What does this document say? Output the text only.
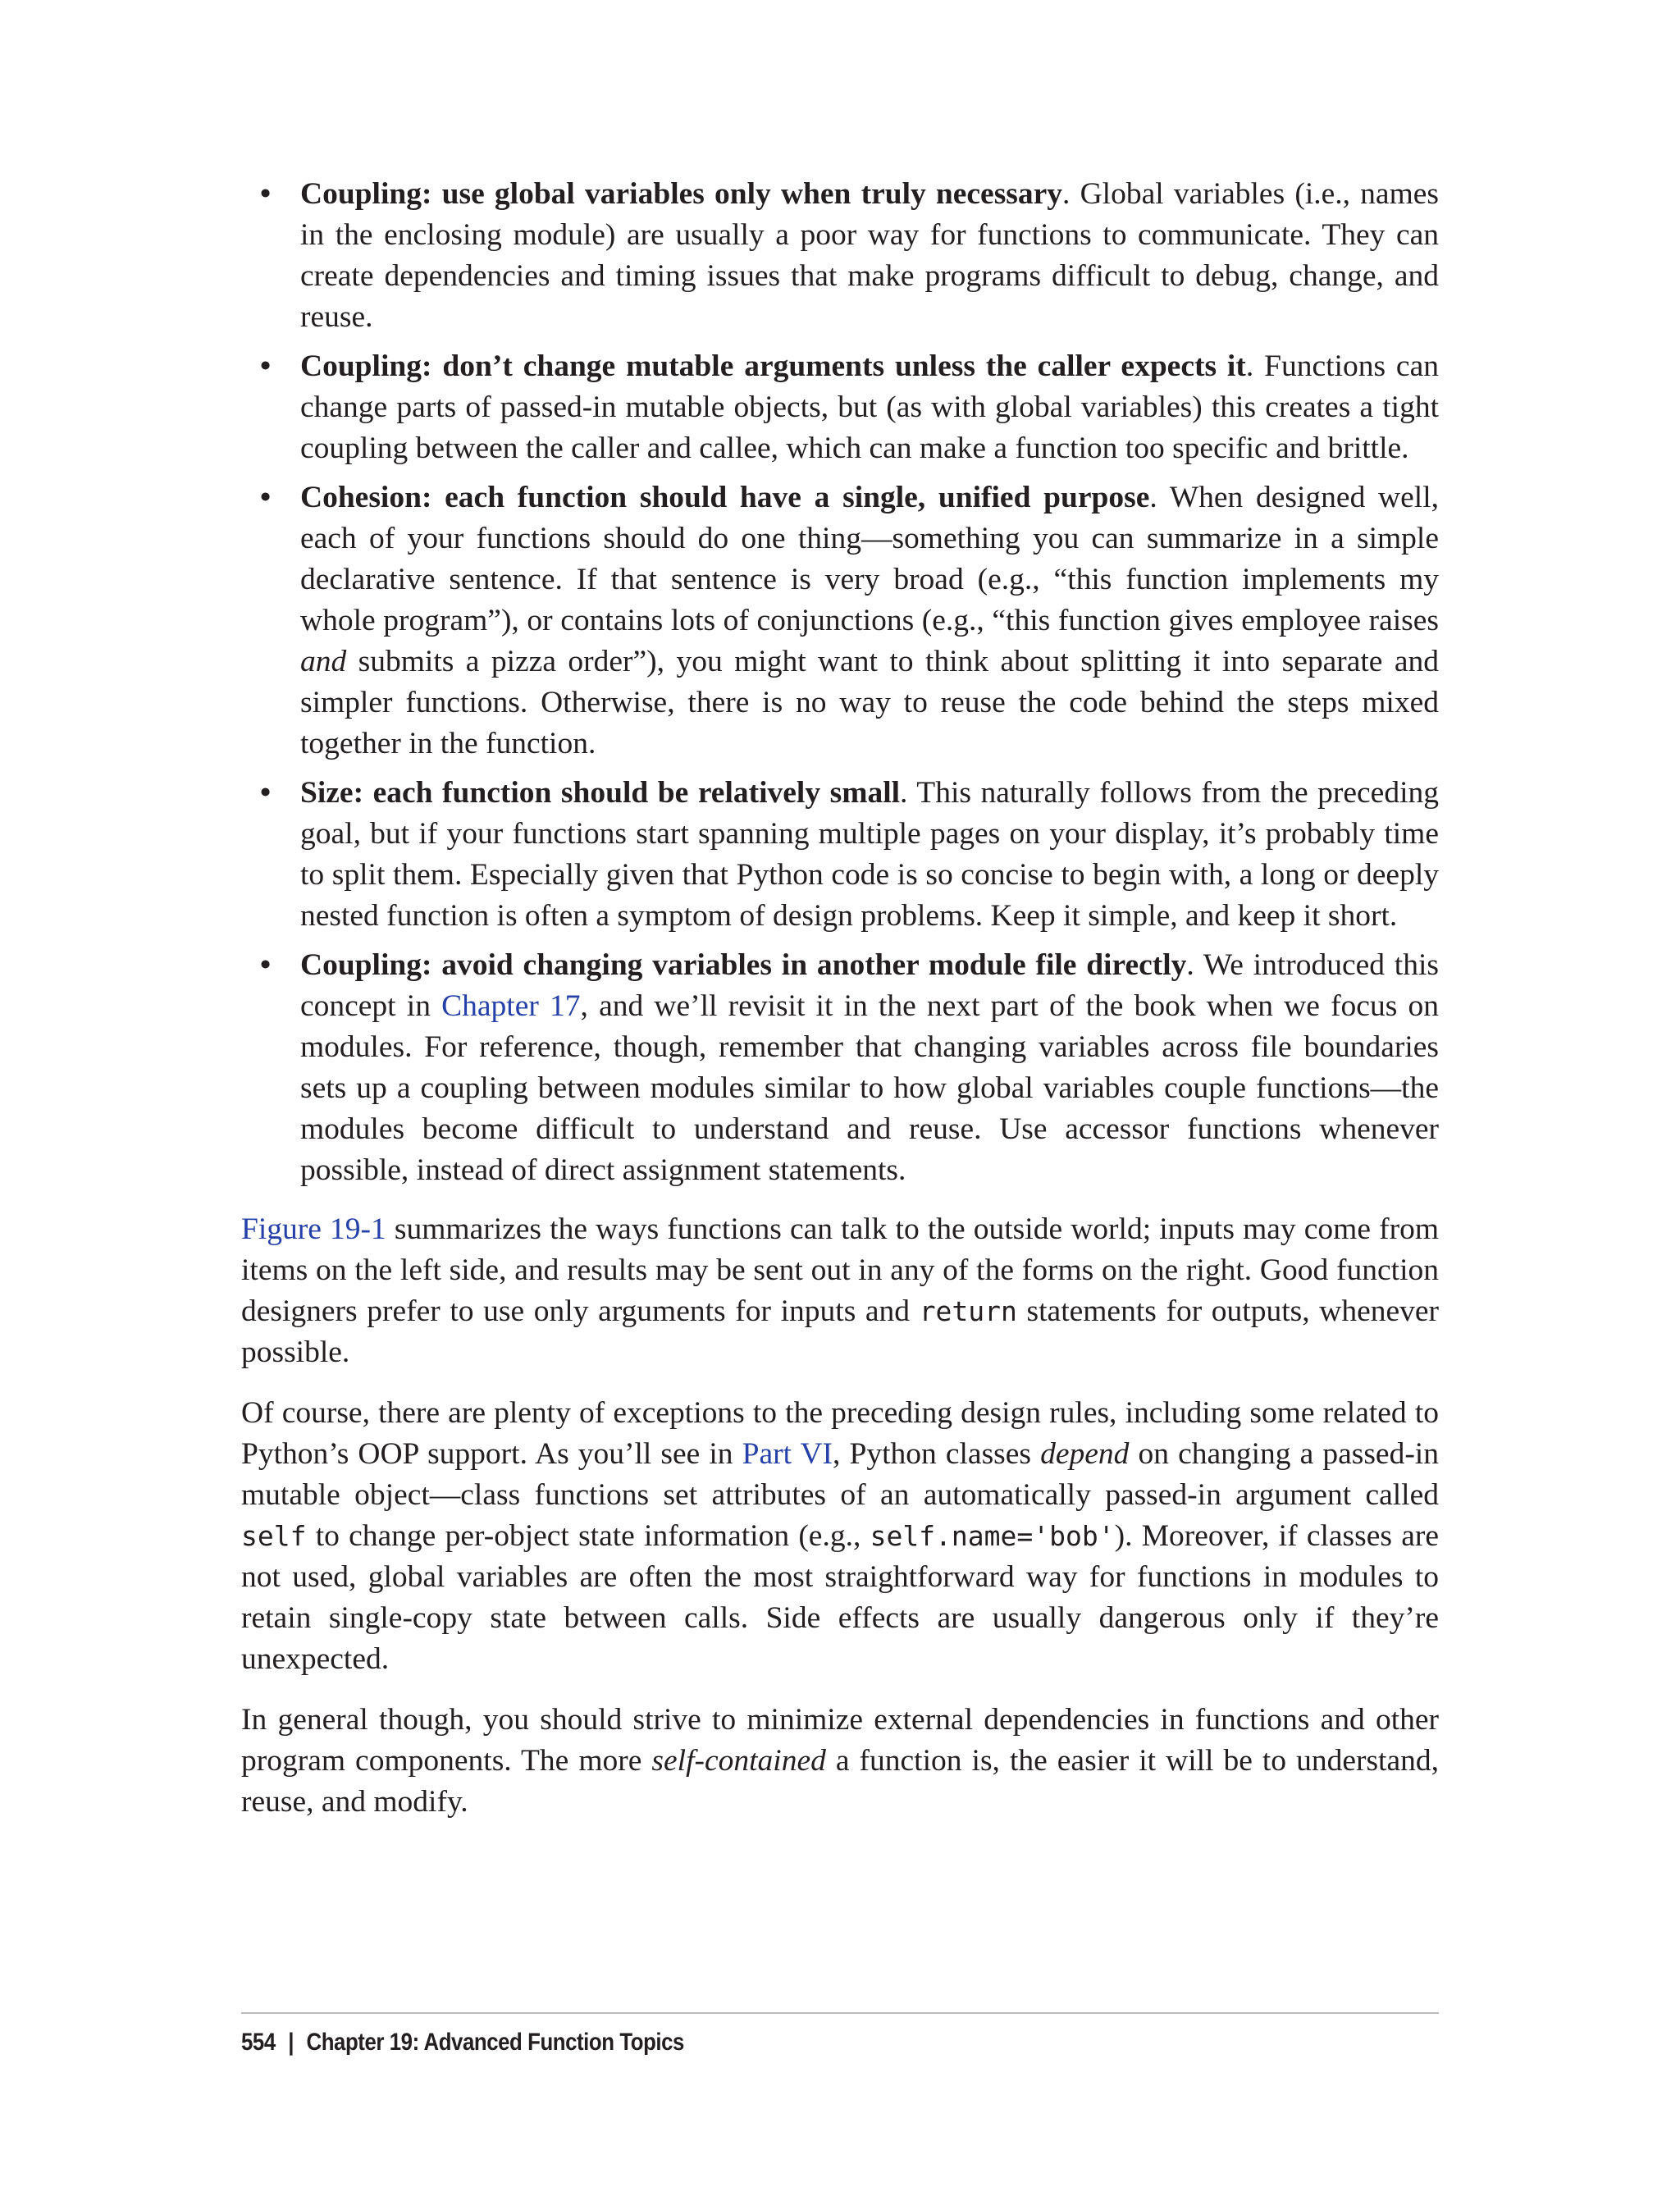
• Coupling: use global variables only when truly necessary. Global variables (i.e., names in the enclosing module) are usually a poor way for functions to communicate. They can create dependencies and timing issues that make programs difficult to debug, change, and reuse.
• Coupling: don’t change mutable arguments unless the caller expects it. Functions can change parts of passed-in mutable objects, but (as with global variables) this creates a tight coupling between the caller and callee, which can make a function too specific and brittle.
• Cohesion: each function should have a single, unified purpose. When designed well, each of your functions should do one thing—something you can summarize in a simple declarative sentence. If that sentence is very broad (e.g., “this function implements my whole program”), or contains lots of conjunctions (e.g., “this function gives employee raises and submits a pizza order”), you might want to think about splitting it into separate and simpler functions. Otherwise, there is no way to reuse the code behind the steps mixed together in the function.
• Size: each function should be relatively small. This naturally follows from the preceding goal, but if your functions start spanning multiple pages on your display, it’s probably time to split them. Especially given that Python code is so concise to begin with, a long or deeply nested function is often a symptom of design problems. Keep it simple, and keep it short.
• Coupling: avoid changing variables in another module file directly. We introduced this concept in Chapter 17, and we’ll revisit it in the next part of the book when we focus on modules. For reference, though, remember that changing variables across file boundaries sets up a coupling between modules similar to how global variables couple functions—the modules become difficult to understand and reuse. Use accessor functions whenever possible, instead of direct assignment statements.

Figure 19-1 summarizes the ways functions can talk to the outside world; inputs may come from items on the left side, and results may be sent out in any of the forms on the right. Good function designers prefer to use only arguments for inputs and return statements for outputs, whenever possible.

Of course, there are plenty of exceptions to the preceding design rules, including some related to Python’s OOP support. As you’ll see in Part VI, Python classes depend on changing a passed-in mutable object—class functions set attributes of an automatically passed-in argument called self to change per-object state information (e.g., self.name='bob'). Moreover, if classes are not used, global variables are often the most straightforward way for functions in modules to retain single-copy state between calls. Side effects are usually dangerous only if they’re unexpected.

In general though, you should strive to minimize external dependencies in functions and other program components. The more self-contained a function is, the easier it will be to understand, reuse, and modify.

554 | Chapter 19: Advanced Function Topics
